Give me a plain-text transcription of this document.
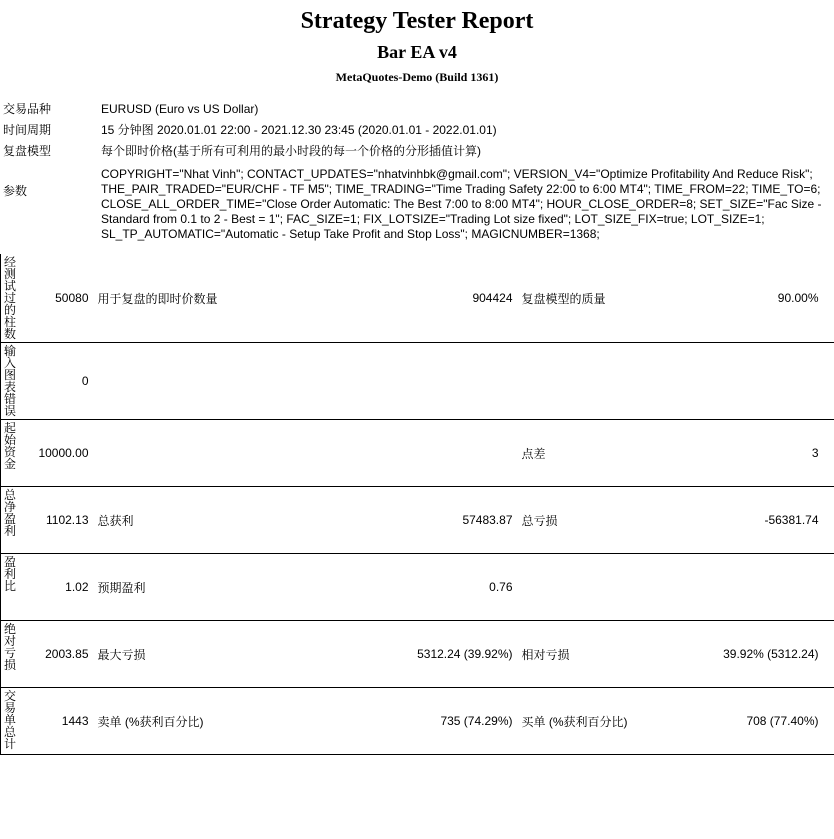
Strategy Tester Report
Bar EA v4
MetaQuotes-Demo (Build 1361)
交易品种	EURUSD (Euro vs US Dollar)
时间周期	15 分钟图 2020.01.01 22:00 - 2021.12.30 23:45 (2020.01.01 - 2022.01.01)
复盘模型	每个即时价格(基于所有可利用的最小时段的每一个价格的分形插值计算)
参数	COPYRIGHT="Nhat Vinh"; CONTACT_UPDATES="nhatvinhbk@gmail.com"; VERSION_V4="Optimize Profitability And Reduce Risk"; THE_PAIR_TRADED="EUR/CHF - TF M5"; TIME_TRADING="Time Trading Safety 22:00 to 6:00 MT4"; TIME_FROM=22; TIME_TO=6; CLOSE_ALL_ORDER_TIME="Close Order Automatic: The Best 7:00 to 8:00 MT4"; HOUR_CLOSE_ORDER=8; SET_SIZE="Fac Size - Standard from 0.1 to 2 - Best = 1"; FAC_SIZE=1; FIX_LOTSIZE="Trading Lot size fixed"; LOT_SIZE_FIX=true; LOT_SIZE=1; SL_TP_AUTOMATIC="Automatic - Setup Take Profit and Stop Loss"; MAGICNUMBER=1368;
经测试过的柱数	50080	用于复盘的即时价数量	904424	复盘模型的质量	90.00%

输入图表错误	0				

起始资金	10000.00			点差	3

总净盈利	1102.13	总获利	57483.87	总亏损	-56381.74

盈利比	1.02	预期盈利	0.76		

绝对亏损	2003.85	最大亏损	5312.24 (39.92%)	相对亏损	39.92% (5312.24)

交易单总计	1443	卖单 (%获利百分比)	735 (74.29%)	买单 (%获利百分比)	708 (77.40%)
